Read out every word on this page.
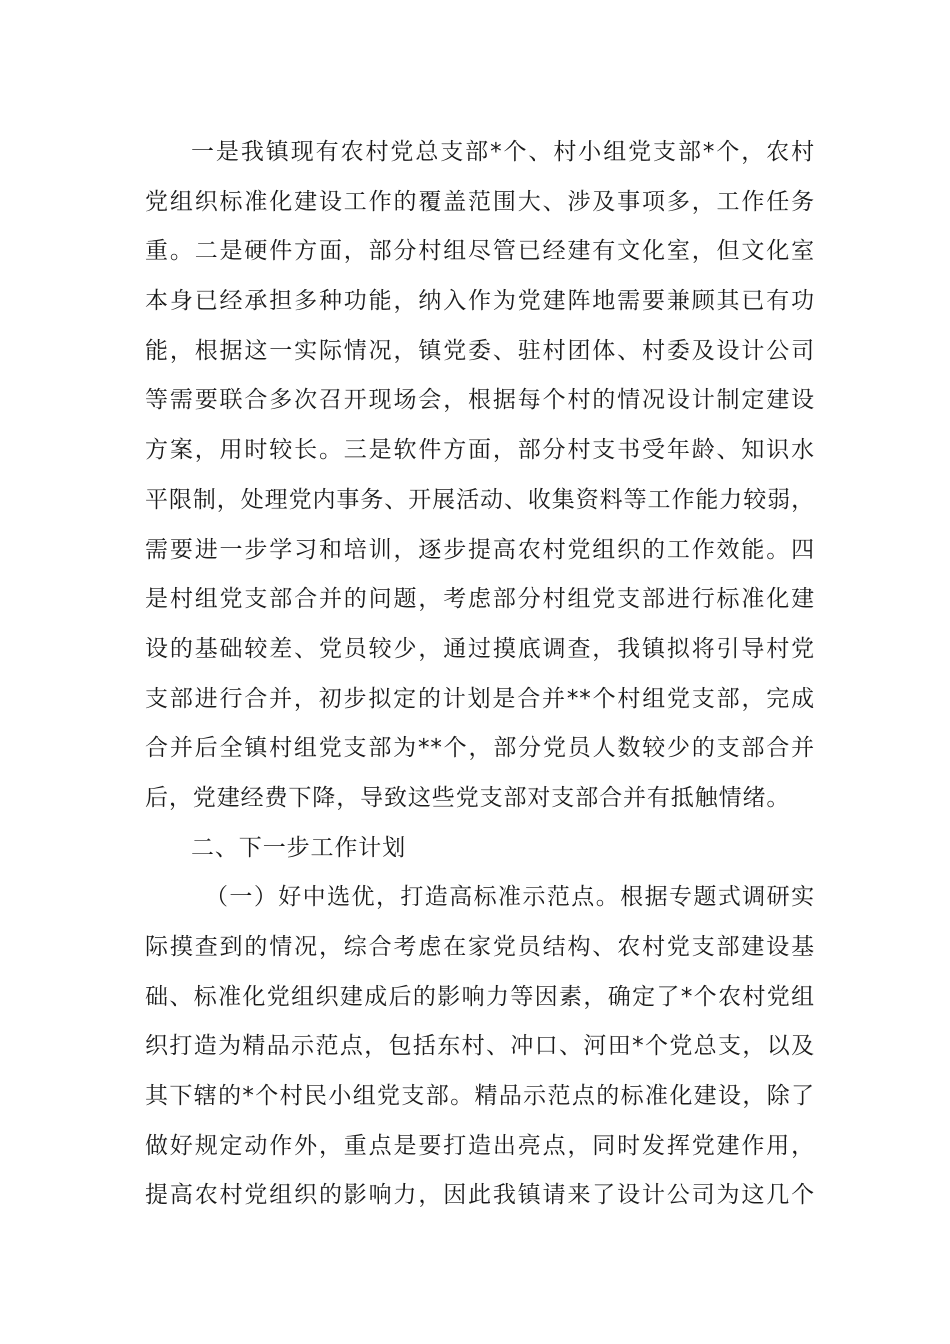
一是我镇现有农村党总支部*个、村小组党支部*个，农村
党组织标准化建设工作的覆盖范围大、涉及事项多，工作任务
重。二是硬件方面，部分村组尽管已经建有文化室，但文化室
本身已经承担多种功能，纳入作为党建阵地需要兼顾其已有功
能，根据这一实际情况，镇党委、驻村团体、村委及设计公司
等需要联合多次召开现场会，根据每个村的情况设计制定建设
方案，用时较长。三是软件方面，部分村支书受年龄、知识水
平限制，处理党内事务、开展活动、收集资料等工作能力较弱，
需要进一步学习和培训，逐步提高农村党组织的工作效能。四
是村组党支部合并的问题，考虑部分村组党支部进行标准化建
设的基础较差、党员较少，通过摸底调查，我镇拟将引导村党
支部进行合并，初步拟定的计划是合并**个村组党支部，完成
合并后全镇村组党支部为**个，部分党员人数较少的支部合并
后，党建经费下降，导致这些党支部对支部合并有抵触情绪。
二、下一步工作计划
（一）好中选优，打造高标准示范点。根据专题式调研实
际摸查到的情况，综合考虑在家党员结构、农村党支部建设基
础、标准化党组织建成后的影响力等因素，确定了*个农村党组
织打造为精品示范点，包括东村、冲口、河田*个党总支，以及
其下辖的*个村民小组党支部。精品示范点的标准化建设，除了
做好规定动作外，重点是要打造出亮点，同时发挥党建作用，
提高农村党组织的影响力，因此我镇请来了设计公司为这几个
